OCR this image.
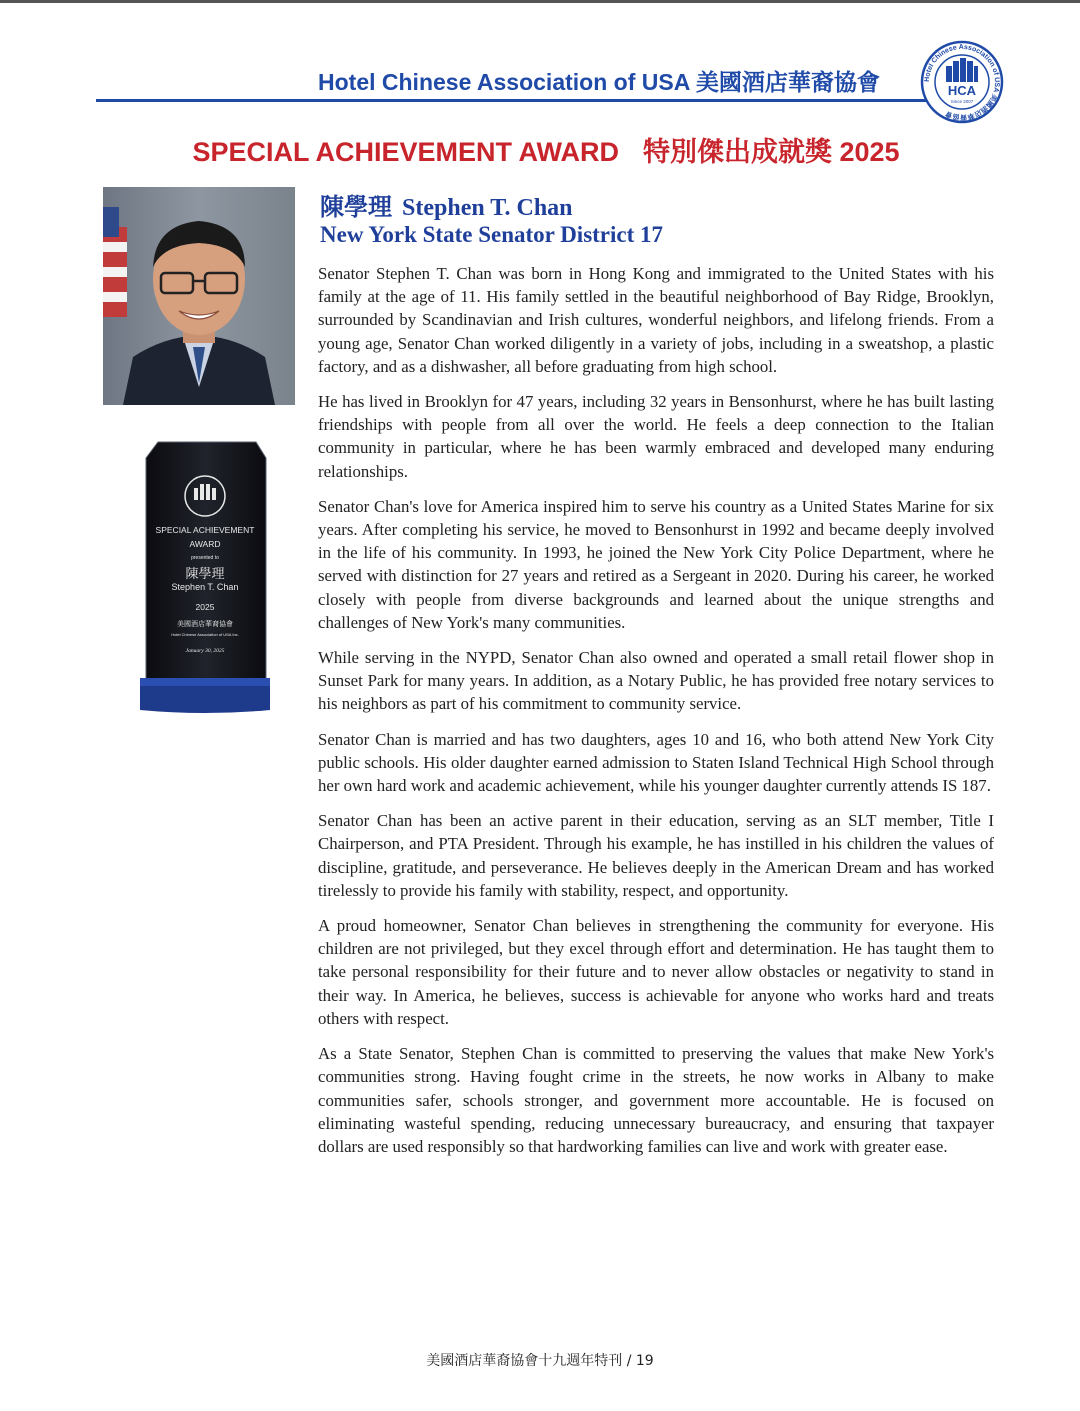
Hotel Chinese Association of USA 美國酒店華裔協會	Hotel Chinese Association of USA 美國酒店華裔協會
HCA
Since 2007
SPECIAL ACHIEVEMENT AWARD 特別傑出成就獎 2025
SPECIAL ACHIEVEMENT
AWARD
presented to
陳學理
Stephen T. Chan
2025
美國酒店華裔協會
Hotel Chinese Association of USA Inc.
January 30, 2025
陳學理 Stephen T. Chan
New York State Senator District 17

Senator Stephen T. Chan was born in Hong Kong and immigrated to the United States with his family at the age of 11. His family settled in the beautiful neighborhood of Bay Ridge, Brooklyn, surrounded by Scandinavian and Irish cultures, wonderful neighbors, and lifelong friends. From a young age, Senator Chan worked diligently in a variety of jobs, including in a sweatshop, a plastic factory, and as a dishwasher, all before graduating from high school.

He has lived in Brooklyn for 47 years, including 32 years in Bensonhurst, where he has built lasting friendships with people from all over the world. He feels a deep connection to the Italian community in particular, where he has been warmly embraced and developed many enduring relationships.

Senator Chan's love for America inspired him to serve his country as a United States Marine for six years. After completing his service, he moved to Bensonhurst in 1992 and became deeply involved in the life of his community. In 1993, he joined the New York City Police Department, where he served with distinction for 27 years and retired as a Sergeant in 2020. During his career, he worked closely with people from diverse backgrounds and learned about the unique strengths and challenges of New York's many communities.

While serving in the NYPD, Senator Chan also owned and operated a small retail flower shop in Sunset Park for many years. In addition, as a Notary Public, he has provided free notary services to his neighbors as part of his commitment to community service.

Senator Chan is married and has two daughters, ages 10 and 16, who both attend New York City public schools. His older daughter earned admission to Staten Island Technical High School through her own hard work and academic achievement, while his younger daughter currently attends IS 187.

Senator Chan has been an active parent in their education, serving as an SLT member, Title I Chairperson, and PTA President. Through his example, he has instilled in his children the values of discipline, gratitude, and perseverance. He believes deeply in the American Dream and has worked tirelessly to provide his family with stability, respect, and opportunity.

A proud homeowner, Senator Chan believes in strengthening the community for everyone. His children are not privileged, but they excel through effort and determination. He has taught them to take personal responsibility for their future and to never allow obstacles or negativity to stand in their way. In America, he believes, success is achievable for anyone who works hard and treats others with respect.

As a State Senator, Stephen Chan is committed to preserving the values that make New York's communities strong. Having fought crime in the streets, he now works in Albany to make communities safer, schools stronger, and government more accountable. He is focused on eliminating wasteful spending, reducing unnecessary bureaucracy, and ensuring that taxpayer dollars are used responsibly so that hardworking families can live and work with greater ease.

美國酒店華裔協會十九週年特刊 / 19
